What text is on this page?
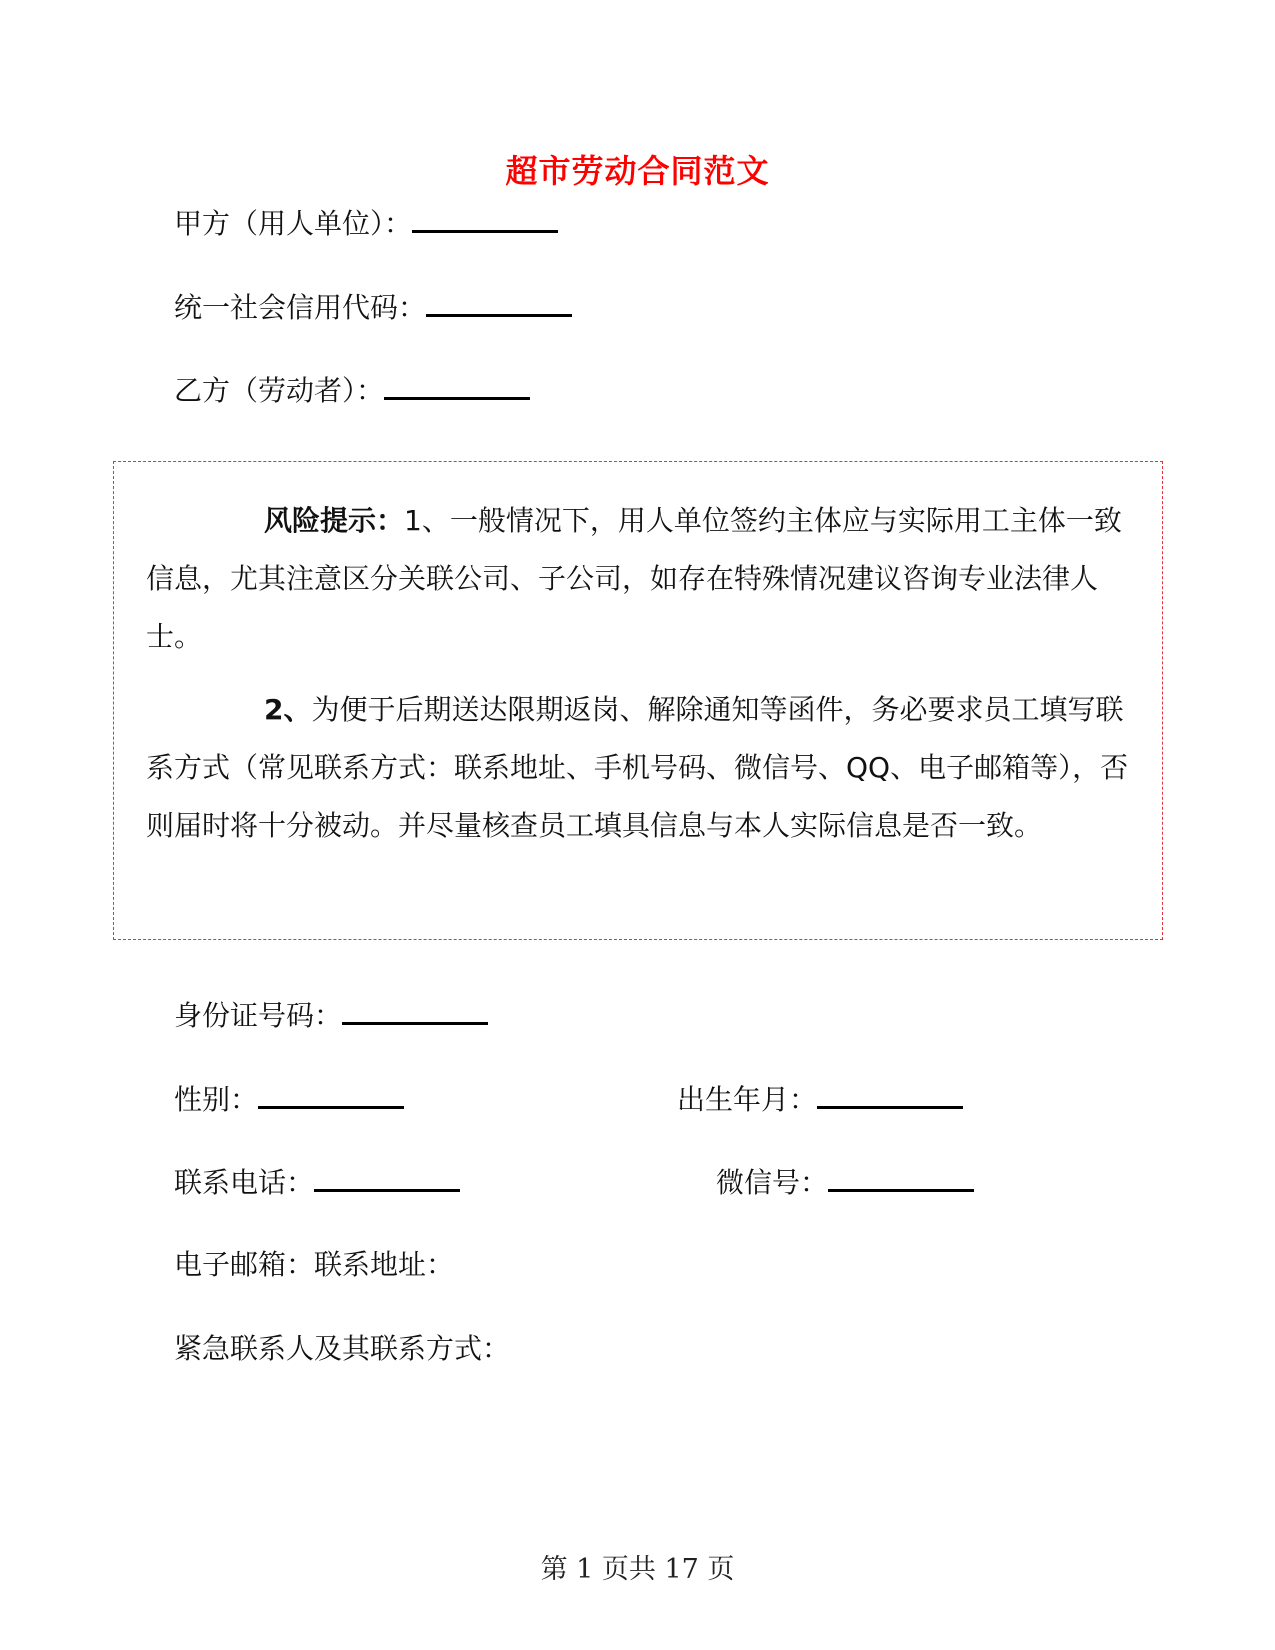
超市劳动合同范文
甲方（用人单位）：
统一社会信用代码：
乙方（劳动者）：
风险提示：1、一般情况下，用人单位签约主体应与实际用工主体一致信息，尤其注意区分关联公司、子公司，如存在特殊情况建议咨询专业法律人士。
2、为便于后期送达限期返岗、解除通知等函件，务必要求员工填写联系方式（常见联系方式：联系地址、手机号码、微信号、QQ、电子邮箱等），否则届时将十分被动。并尽量核查员工填具信息与本人实际信息是否一致。
身份证号码：
性别：	出生年月：
联系电话：	微信号：
电子邮箱：联系地址：
紧急联系人及其联系方式：
第 1 页共 17 页
